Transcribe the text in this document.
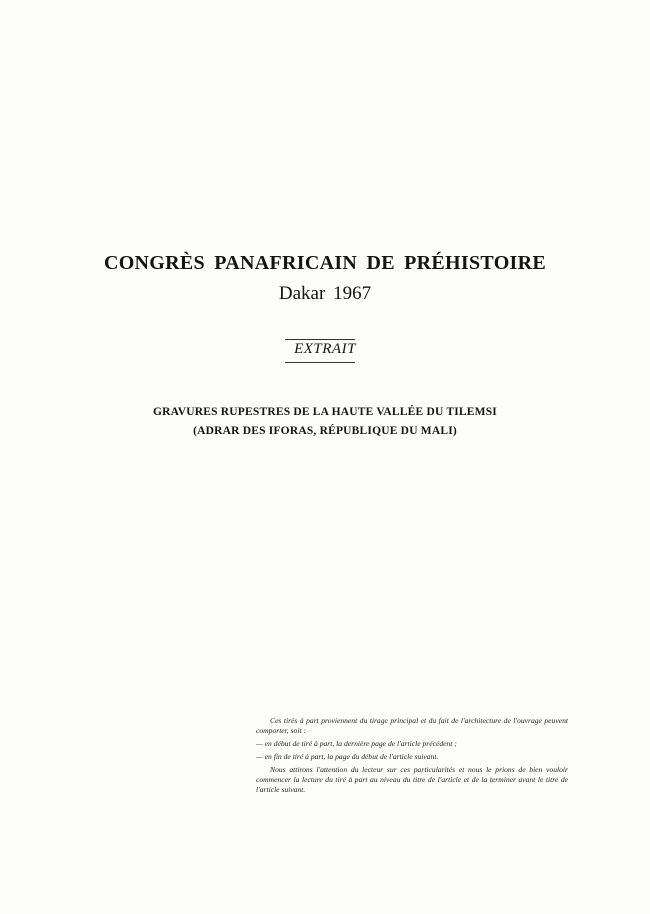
CONGRÈS PANAFRICAIN DE PRÉHISTOIRE
Dakar 1967
EXTRAIT
GRAVURES RUPESTRES DE LA HAUTE VALLÉE DU TILEMSI
(ADRAR DES IFORAS, RÉPUBLIQUE DU MALI)

Ces tirés à part proviennent du tirage principal et du fait de l'architecture de l'ouvrage peuvent comporter, soit :

— en début de tiré à part, la dernière page de l'article précédent ;

— en fin de tiré à part, la page du début de l'article suivant.

Nous attirons l'attention du lecteur sur ces particularités et nous le prions de bien vouloir commencer la lecture du tiré à part au niveau du titre de l'article et de la terminer avant le titre de l'article suivant.
